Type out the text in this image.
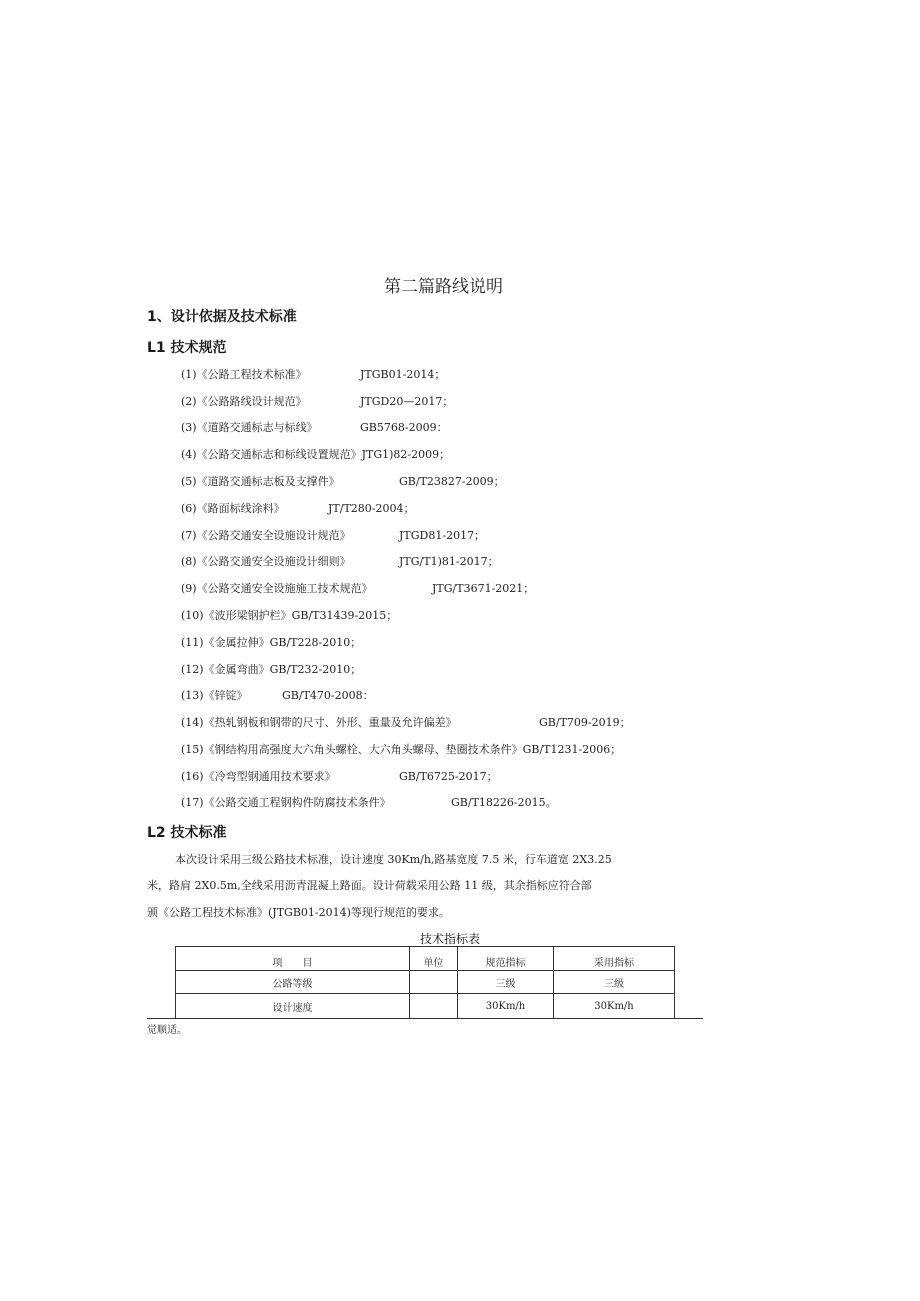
第二篇路线说明
1、设计依据及技术标准
L1 技术规范
(1)《公路工程技术标准》	JTGB01-2014；
(2)《公路路线设计规范》	JTGD20—2017；
(3)《道路交通标志与标线》	GB5768-2009：
(4)《公路交通标志和标线设置规范》JTG1)82-2009；
(5)《道路交通标志板及支撑件》	GB/T23827-2009；
(6)《路面标线涂料》	JT/T280-2004；
(7)《公路交通安全设施设计规范》	JTGD81-2017；
(8)《公路交通安全设施设计细则》	JTG/T1)81-2017；
(9)《公路交通安全设施施工技术规范》	JTG/T3671-2021；
(10)《波形梁钢护栏》GB/T31439-2015；
(11)《金属拉伸》GB/T228-2010；
(12)《金属弯曲》GB/T232-2010；
(13)《锌锭》	GB/T470-2008：
(14)《热轧钢板和钢带的尺寸、外形、重量及允许偏差》	GB/T709-2019；
(15)《钢结构用高强度大六角头螺栓、大六角头螺母、垫圈技术条件》GB/T1231-2006；
(16)《冷弯型钢通用技术要求》	GB/T6725-2017；
(17)《公路交通工程钢构件防腐技术条件》	GB/T18226-2015。
L2 技术标准
本次设计采用三级公路技术标准，设计速度 30Km/h,路基宽度 7.5 米，行车道宽 2X3.25
米，路肩 2X0.5m,全线采用沥青混凝上路面。设计荷载采用公路 11 级，其余指标应符合部
颁《公路工程技术标准》(JTGB01-2014)等现行规范的要求。
技术指标表
项　　目	单位	规范指标	采用指标
公路等级		三级	三级
设计速度		30Km/h	30Km/h
觉顺适。
